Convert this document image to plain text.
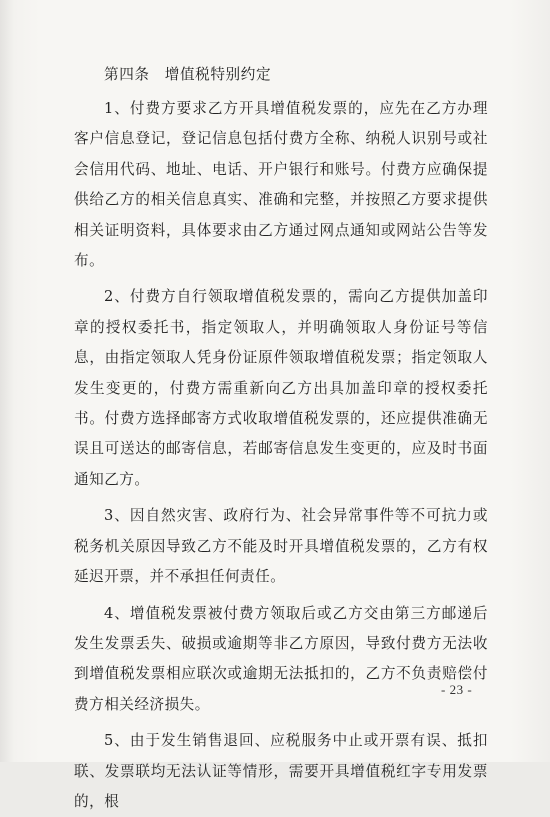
第四条　增值税特别约定

1、付费方要求乙方开具增值税发票的，应先在乙方办理客户信息登记，登记信息包括付费方全称、纳税人识别号或社会信用代码、地址、电话、开户银行和账号。付费方应确保提供给乙方的相关信息真实、准确和完整，并按照乙方要求提供相关证明资料，具体要求由乙方通过网点通知或网站公告等发布。

2、付费方自行领取增值税发票的，需向乙方提供加盖印章的授权委托书，指定领取人，并明确领取人身份证号等信息，由指定领取人凭身份证原件领取增值税发票；指定领取人发生变更的，付费方需重新向乙方出具加盖印章的授权委托书。付费方选择邮寄方式收取增值税发票的，还应提供准确无误且可送达的邮寄信息，若邮寄信息发生变更的，应及时书面通知乙方。

3、因自然灾害、政府行为、社会异常事件等不可抗力或税务机关原因导致乙方不能及时开具增值税发票的，乙方有权延迟开票，并不承担任何责任。

4、增值税发票被付费方领取后或乙方交由第三方邮递后发生发票丢失、破损或逾期等非乙方原因，导致付费方无法收到增值税发票相应联次或逾期无法抵扣的，乙方不负责赔偿付费方相关经济损失。

5、由于发生销售退回、应税服务中止或开票有误、抵扣联、发票联均无法认证等情形，需要开具增值税红字专用发票的，根

- 23 -
